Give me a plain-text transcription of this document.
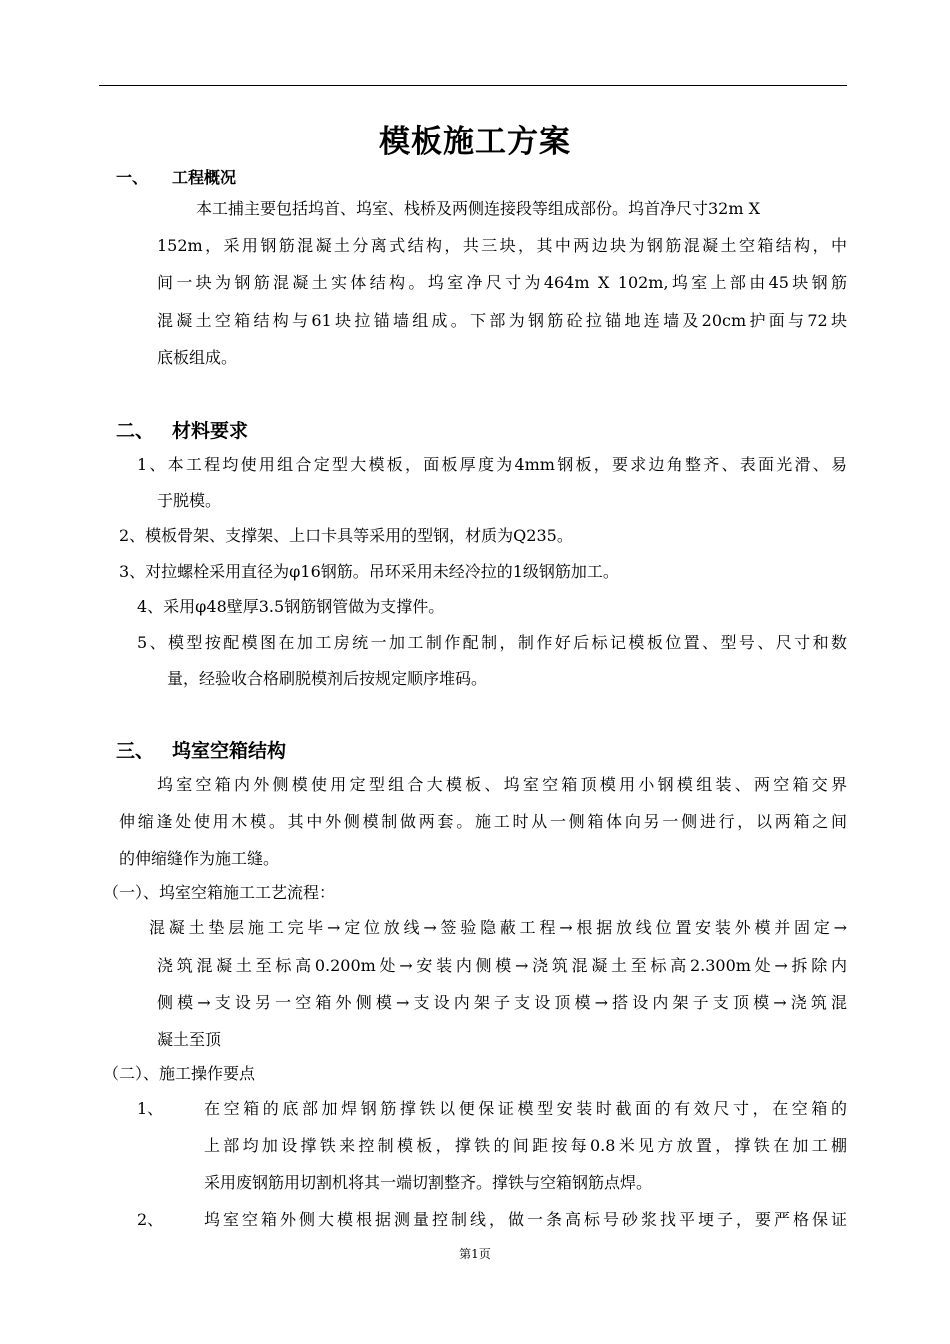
模板施工方案
一、 工程概况
本工捕主要包括坞首、坞室、栈桥及两侧连接段等组成部份。坞首净尺寸32m X
152m，采用钢筋混凝土分离式结构，共三块，其中两边块为钢筋混凝土空箱结构，中
间一块为钢筋混凝土实体结构。坞室净尺寸为464m X 102m,坞室上部由45块钢筋
混凝土空箱结构与61块拉锚墙组成。下部为钢筋砼拉锚地连墙及20cm护面与72块
底板组成。
二、 材料要求
1、本工程均使用组合定型大模板，面板厚度为4mm钢板，要求边角整齐、表面光滑、易
于脱模。
2、模板骨架、支撑架、上口卡具等采用的型钢，材质为Q235。
3、对拉螺栓采用直径为φ16钢筋。吊环采用未经冷拉的1级钢筋加工。
4、采用φ48壁厚3.5钢筋钢管做为支撑件。
5、模型按配模图在加工房统一加工制作配制，制作好后标记模板位置、型号、尺寸和数
量，经验收合格刷脱模剂后按规定顺序堆码。
三、 坞室空箱结构
坞室空箱内外侧模使用定型组合大模板、坞室空箱顶模用小钢模组装、两空箱交界
伸缩逢处使用木模。其中外侧模制做两套。施工时从一侧箱体向另一侧进行，以两箱之间
的伸缩缝作为施工缝。
（一）、坞室空箱施工工艺流程：
混凝土垫层施工完毕→定位放线→签验隐蔽工程→根据放线位置安装外模并固定→
浇筑混凝土至标高0.200m处→安装内侧模→浇筑混凝土至标高2.300m处→拆除内
侧模→支设另一空箱外侧模→支设内架子支设顶模→搭设内架子支顶模→浇筑混
凝土至顶
（二）、施工操作要点
1、	在空箱的底部加焊钢筋撑铁以便保证模型安装时截面的有效尺寸，在空箱的
上部均加设撑铁来控制模板，撑铁的间距按每0.8米见方放置，撑铁在加工棚
采用废钢筋用切割机将其一端切割整齐。撑铁与空箱钢筋点焊。
2、	坞室空箱外侧大模根据测量控制线，做一条高标号砂浆找平埂子，要严格保证
第1页
